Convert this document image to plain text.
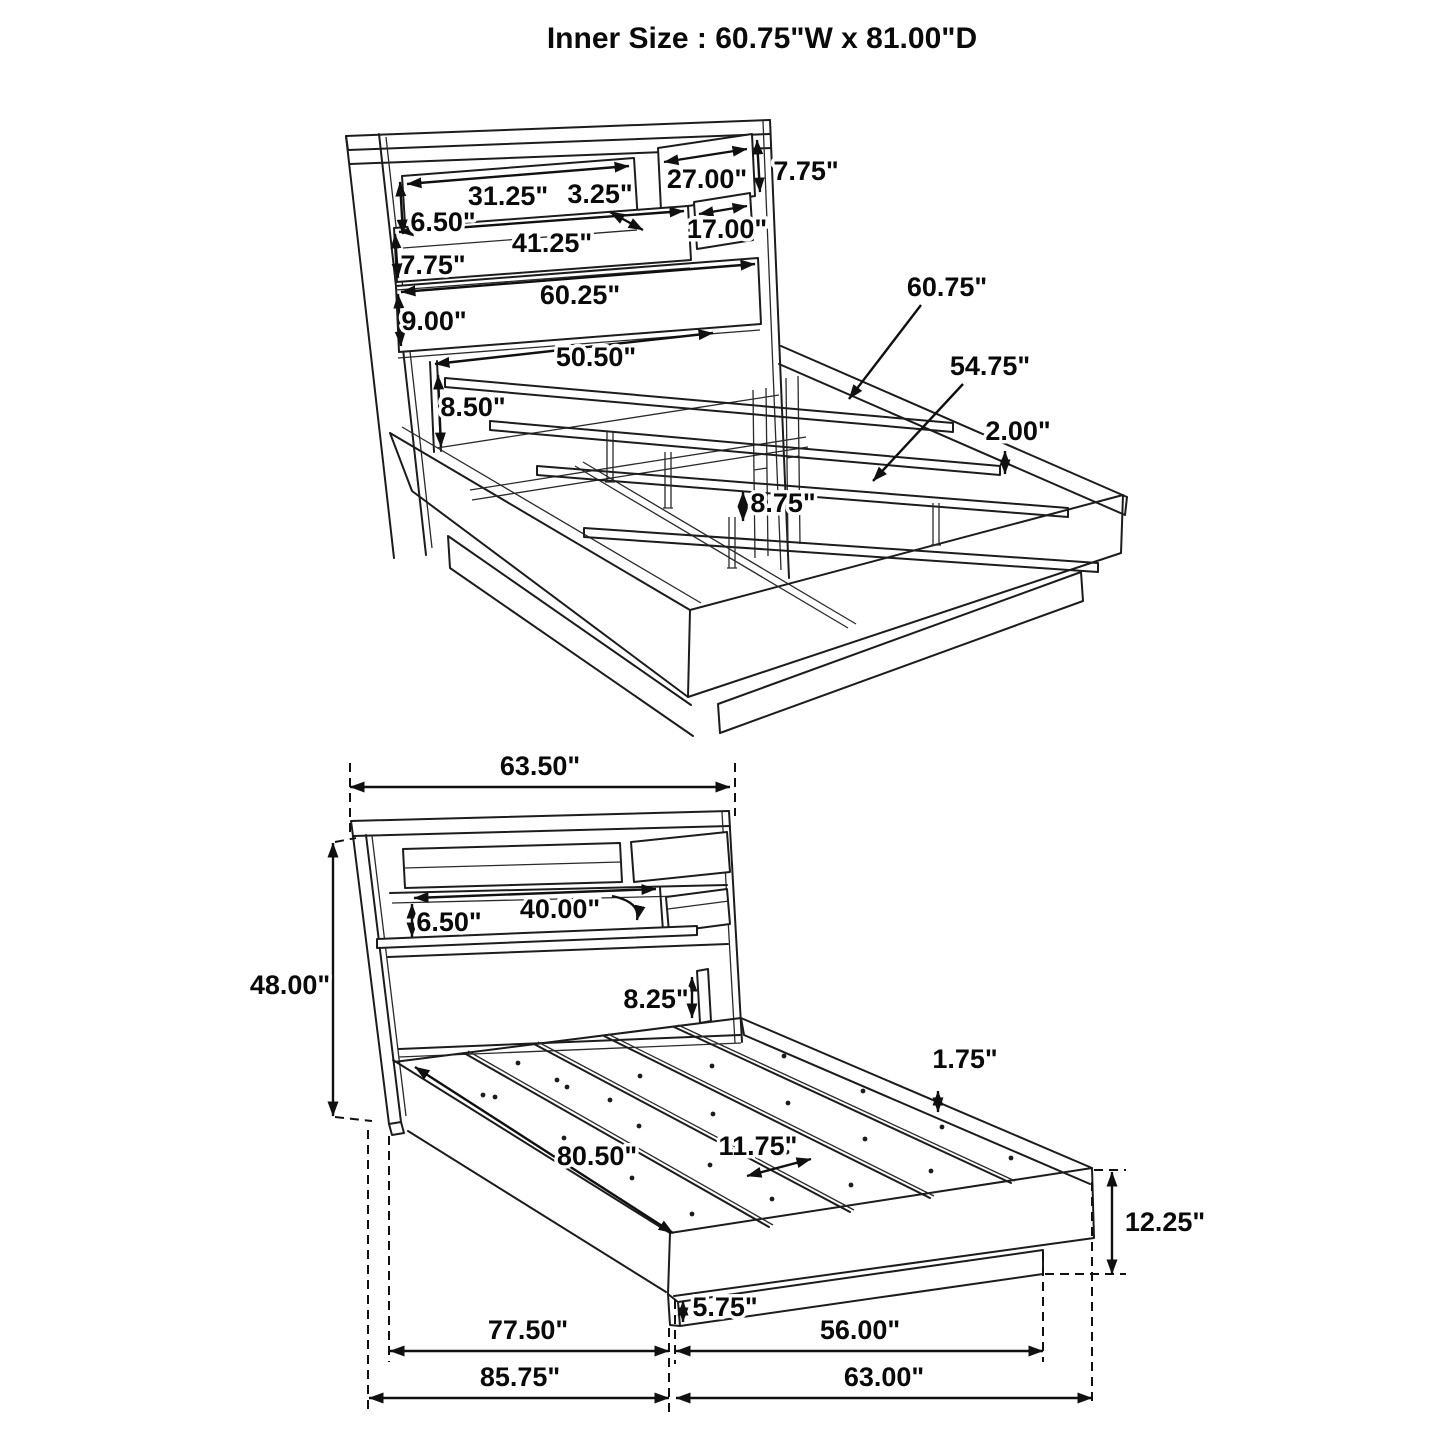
Inner Size : 60.75"W x 81.00"D
6.50"
31.25" 3.25" 27.00" 7.75"
41.25"
7.75"
17.00"
60.25"
9.00"
50.50"
8.50"
60.75"
54.75"
2.00"
8.75"
63.50"
48.00"
6.50" 40.00"
8.25"
1.75"
11.75"
80.50"
12.25"
5.75"
77.50"	56.00"
85.75"	63.00"
